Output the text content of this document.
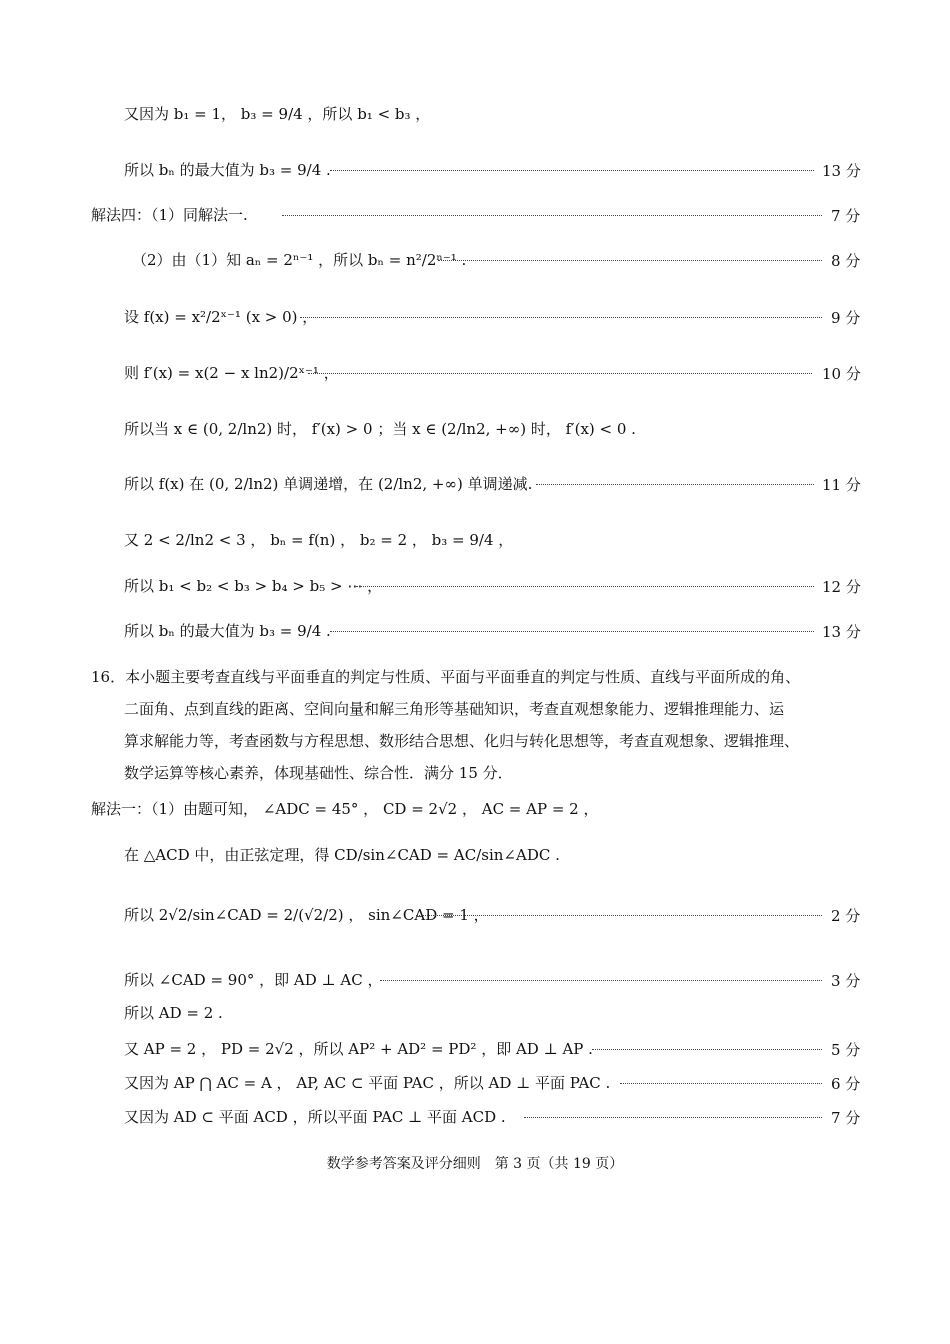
又因为 b₁ = 1， b₃ = 9/4 ，所以 b₁ < b₃ ，
所以 bₙ 的最大值为 b₃ = 9/4 .	13 分
解法四：（1）同解法一.	7 分
（2）由（1）知 aₙ = 2ⁿ⁻¹ ，所以 bₙ = n²/2ⁿ⁻¹ .	8 分
设 f(x) = x²/2ˣ⁻¹ (x > 0) ，	9 分
则 f′(x) = x(2 − x ln2)/2ˣ⁻¹ ，	10 分
所以当 x ∈ (0, 2/ln2) 时， f′(x) > 0 ；当 x ∈ (2/ln2, +∞) 时， f′(x) < 0 .
所以 f(x) 在 (0, 2/ln2) 单调递增，在 (2/ln2, +∞) 单调递减.	11 分
又 2 < 2/ln2 < 3 ， bₙ = f(n) ， b₂ = 2 ， b₃ = 9/4 ，
所以 b₁ < b₂ < b₃ > b₄ > b₅ > ⋯ ，	12 分
所以 bₙ 的最大值为 b₃ = 9/4 .	13 分
16．本小题主要考查直线与平面垂直的判定与性质、平面与平面垂直的判定与性质、直线与平面所成的角、
二面角、点到直线的距离、空间向量和解三角形等基础知识，考查直观想象能力、逻辑推理能力、运
算求解能力等，考查函数与方程思想、数形结合思想、化归与转化思想等，考查直观想象、逻辑推理、
数学运算等核心素养，体现基础性、综合性．满分 15 分．
解法一：（1）由题可知， ∠ADC = 45° ， CD = 2√2 ， AC = AP = 2 ，
在 △ACD 中，由正弦定理，得 CD/sin∠CAD = AC/sin∠ADC .
所以 2√2/sin∠CAD = 2/(√2/2) ， sin∠CAD = 1 ，	2 分
所以 ∠CAD = 90° ，即 AD ⊥ AC ，	3 分
所以 AD = 2 .
又 AP = 2 ， PD = 2√2 ，所以 AP² + AD² = PD² ，即 AD ⊥ AP .	5 分
又因为 AP ⋂ AC = A ， AP, AC ⊂ 平面 PAC ，所以 AD ⊥ 平面 PAC .	6 分
又因为 AD ⊂ 平面 ACD ，所以平面 PAC ⊥ 平面 ACD .	7 分
数学参考答案及评分细则　第 3 页（共 19 页）
